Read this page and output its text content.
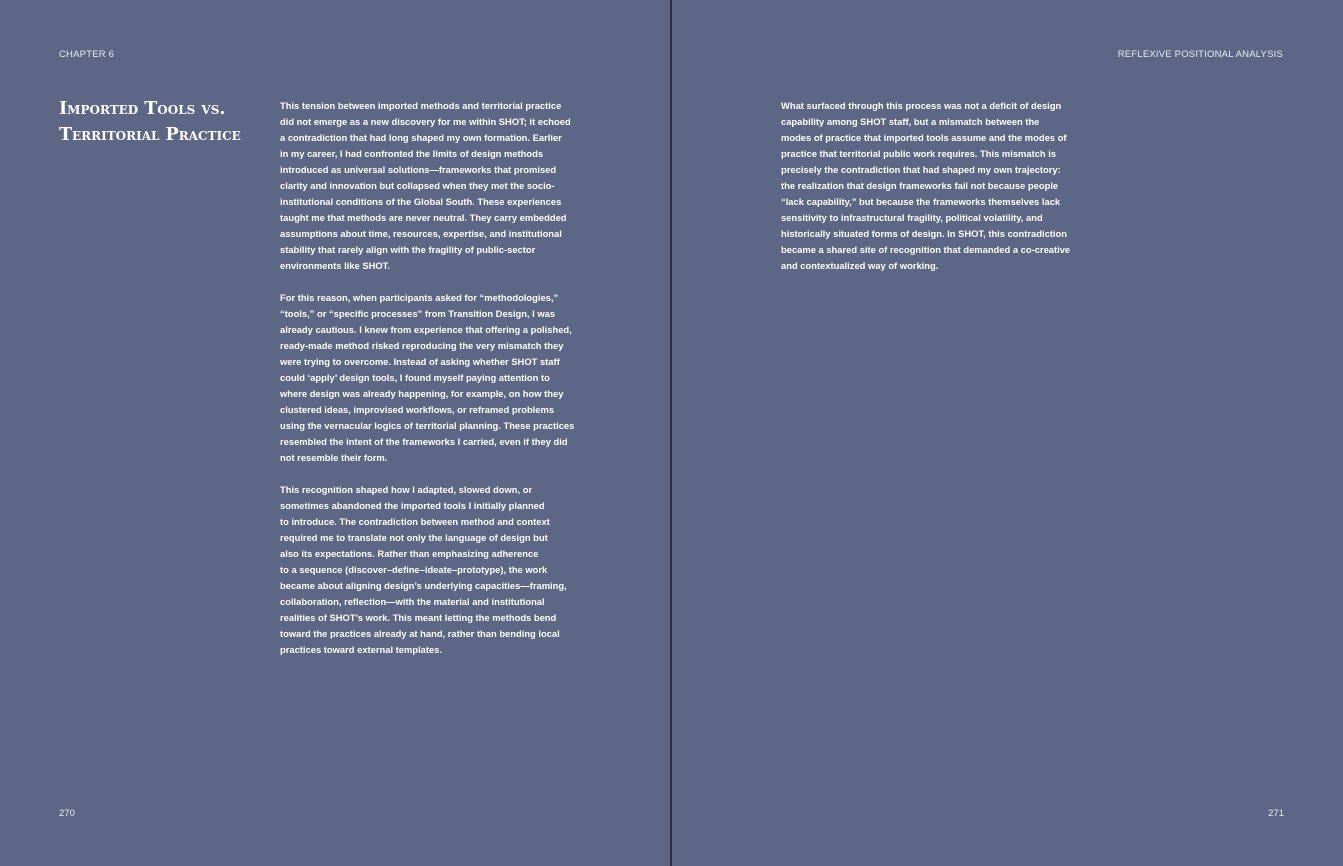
CHAPTER 6
Imported Tools vs. Territorial Practice

This tension between imported methods and territorial practice
did not emerge as a new discovery for me within SHOT; it echoed
a contradiction that had long shaped my own formation. Earlier
in my career, I had confronted the limits of design methods
introduced as universal solutions—frameworks that promised
clarity and innovation but collapsed when they met the socio-
institutional conditions of the Global South. These experiences
taught me that methods are never neutral. They carry embedded
assumptions about time, resources, expertise, and institutional
stability that rarely align with the fragility of public-sector
environments like SHOT.

For this reason, when participants asked for “methodologies,”
“tools,” or “specific processes” from Transition Design, I was
already cautious. I knew from experience that offering a polished,
ready-made method risked reproducing the very mismatch they
were trying to overcome. Instead of asking whether SHOT staff
could ‘apply’ design tools, I found myself paying attention to
where design was already happening, for example, on how they
clustered ideas, improvised workflows, or reframed problems
using the vernacular logics of territorial planning. These practices
resembled the intent of the frameworks I carried, even if they did
not resemble their form.

This recognition shaped how I adapted, slowed down, or
sometimes abandoned the imported tools I initially planned
to introduce. The contradiction between method and context
required me to translate not only the language of design but
also its expectations. Rather than emphasizing adherence
to a sequence (discover–define–ideate–prototype), the work
became about aligning design’s underlying capacities—framing,
collaboration, reflection—with the material and institutional
realities of SHOT’s work. This meant letting the methods bend
toward the practices already at hand, rather than bending local
practices toward external templates.

270
REFLEXIVE POSITIONAL ANALYSIS

What surfaced through this process was not a deficit of design
capability among SHOT staff, but a mismatch between the
modes of practice that imported tools assume and the modes of
practice that territorial public work requires. This mismatch is
precisely the contradiction that had shaped my own trajectory:
the realization that design frameworks fail not because people
“lack capability,” but because the frameworks themselves lack
sensitivity to infrastructural fragility, political volatility, and
historically situated forms of design. In SHOT, this contradiction
became a shared site of recognition that demanded a co-creative
and contextualized way of working.

271
